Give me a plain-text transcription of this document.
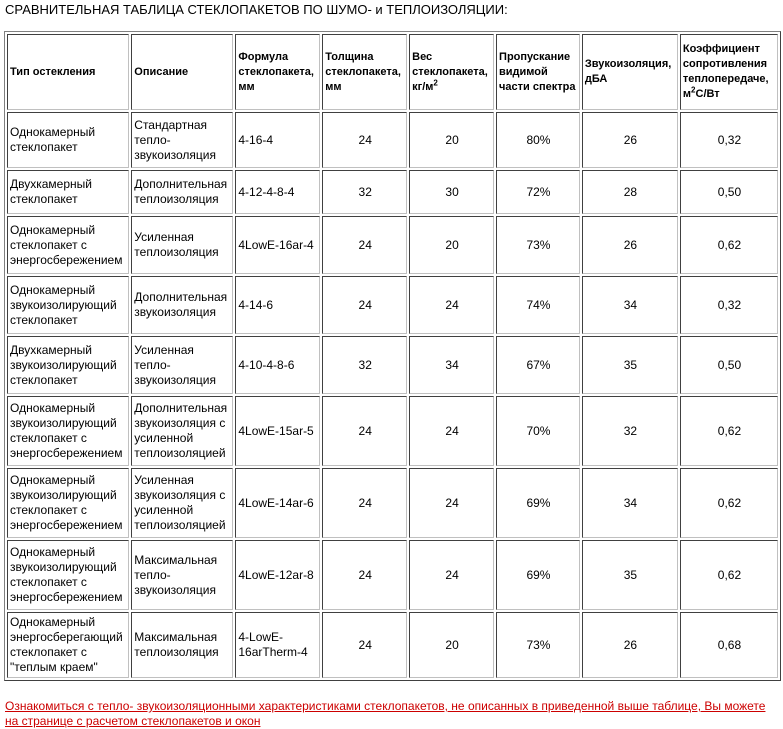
СРАВНИТЕЛЬНАЯ ТАБЛИЦА СТЕКЛОПАКЕТОВ ПО ШУМО- и ТЕПЛОИЗОЛЯЦИИ:
Тип остекления	Описание	Формула стеклопакета, мм	Толщина стеклопакета, мм	Вес стеклопакета, $кг/м^2$	Пропускание видимой части спектра	Звукоизоляция, дБА	Коэффициент сопротивления теплопередаче, $м^2С/Вт$
Однокамерный стеклопакет	Стандартная тепло-звукоизоляция	4-16-4	24	20	80%	26	0,32
Двухкамерный стеклопакет	Дополнительная теплоизоляция	4-12-4-8-4	32	30	72%	28	0,50
Однокамерный стеклопакет с энергосбережением	Усиленная теплоизоляция	4LowE-16ar-4	24	20	73%	26	0,62
Однокамерный звукоизолирующий стеклопакет	Дополнительная звукоизоляция	4-14-6	24	24	74%	34	0,32
Двухкамерный звукоизолирующий стеклопакет	Усиленная тепло-звукоизоляция	4-10-4-8-6	32	34	67%	35	0,50
Однокамерный звукоизолирующий стеклопакет с энергосбережением	Дополнительная звукоизоляция с усиленной теплоизоляцией	4LowE-15ar-5	24	24	70%	32	0,62
Однокамерный звукоизолирующий стеклопакет с энергосбережением	Усиленная звукоизоляция с усиленной теплоизоляцией	4LowE-14ar-6	24	24	69%	34	0,62
Однокамерный звукоизолирующий стеклопакет с энергосбережением	Максимальная тепло-звукоизоляция	4LowE-12ar-8	24	24	69%	35	0,62
Однокамерный энергосберегающий стеклопакет с "теплым краем"	Максимальная теплоизоляция	4-LowE-16arTherm-4	24	20	73%	26	0,68
Ознакомиться с тепло- звукоизоляционными характеристиками стеклопакетов, не описанных в приведенной выше таблице, Вы можете на странице с расчетом стеклопакетов и окон
